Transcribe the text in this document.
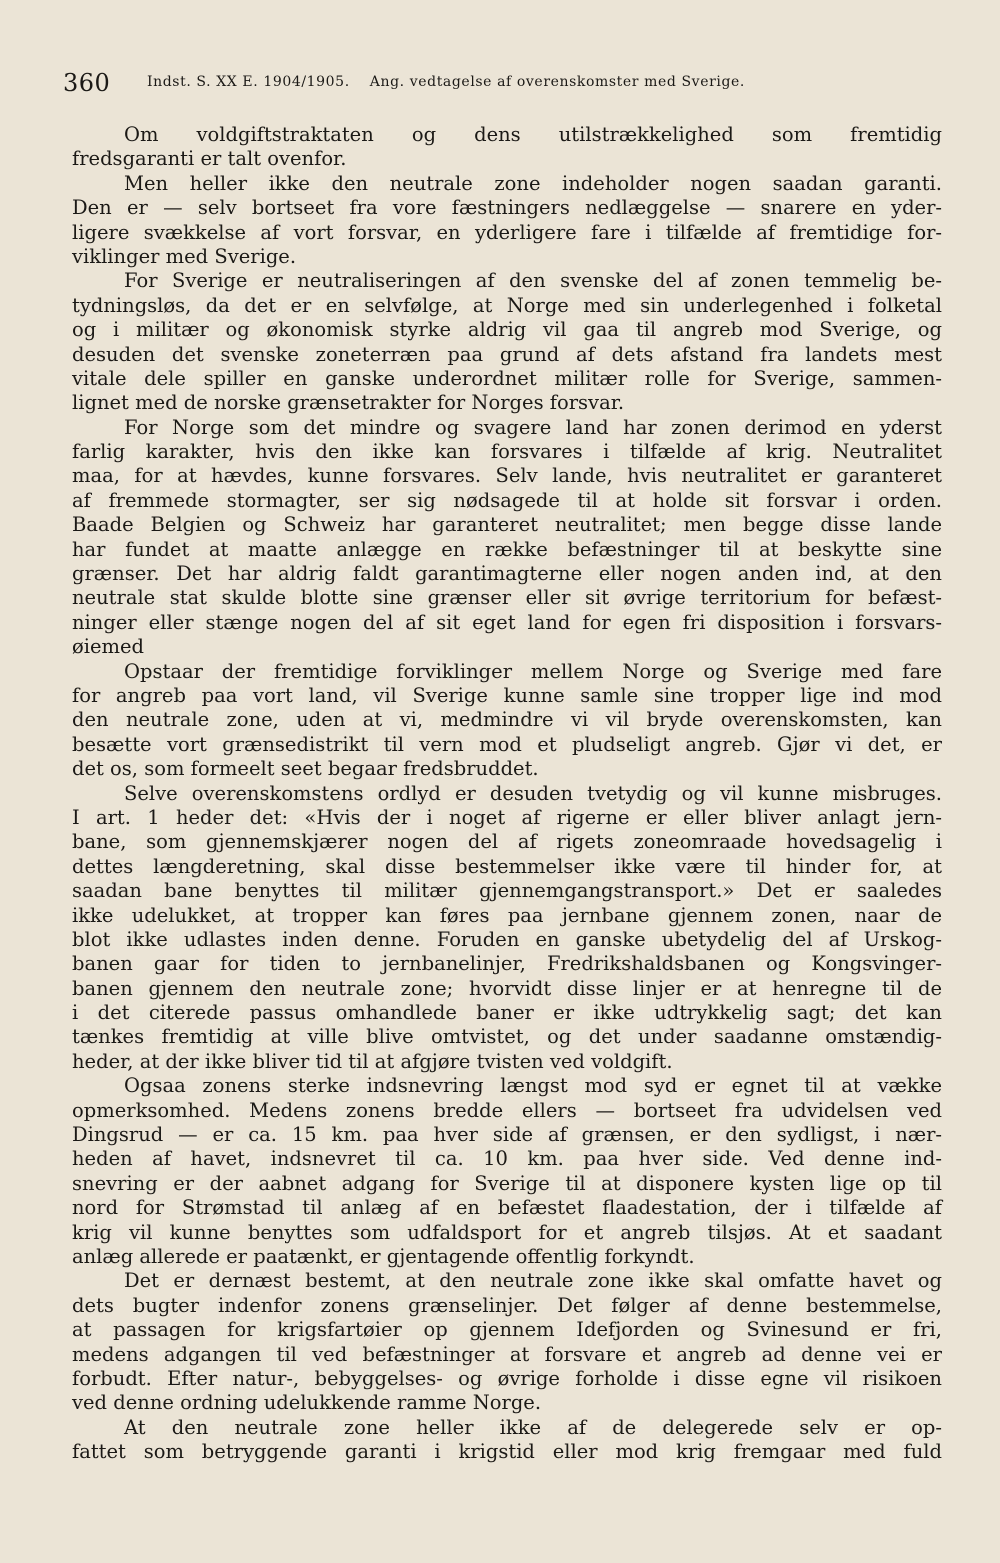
360	Indst. S. XX E. 1904/1905. Ang. vedtagelse af overenskomster med Sverige.
Om voldgiftstraktaten og dens utilstrækkelighed som fremtidig
fredsgaranti er talt ovenfor.
Men heller ikke den neutrale zone indeholder nogen saadan garanti.
Den er — selv bortseet fra vore fæstningers nedlæggelse — snarere en yder-
ligere svækkelse af vort forsvar, en yderligere fare i tilfælde af fremtidige for-
viklinger med Sverige.
For Sverige er neutraliseringen af den svenske del af zonen temmelig be-
tydningsløs, da det er en selvfølge, at Norge med sin underlegenhed i folketal
og i militær og økonomisk styrke aldrig vil gaa til angreb mod Sverige, og
desuden det svenske zoneterræn paa grund af dets afstand fra landets mest
vitale dele spiller en ganske underordnet militær rolle for Sverige, sammen-
lignet med de norske grænsetrakter for Norges forsvar.
For Norge som det mindre og svagere land har zonen derimod en yderst
farlig karakter, hvis den ikke kan forsvares i tilfælde af krig. Neutralitet
maa, for at hævdes, kunne forsvares. Selv lande, hvis neutralitet er garanteret
af fremmede stormagter, ser sig nødsagede til at holde sit forsvar i orden.
Baade Belgien og Schweiz har garanteret neutralitet; men begge disse lande
har fundet at maatte anlægge en række befæstninger til at beskytte sine
grænser. Det har aldrig faldt garantimagterne eller nogen anden ind, at den
neutrale stat skulde blotte sine grænser eller sit øvrige territorium for befæst-
ninger eller stænge nogen del af sit eget land for egen fri disposition i forsvars-
øiemed
Opstaar der fremtidige forviklinger mellem Norge og Sverige med fare
for angreb paa vort land, vil Sverige kunne samle sine tropper lige ind mod
den neutrale zone, uden at vi, medmindre vi vil bryde overenskomsten, kan
besætte vort grænsedistrikt til vern mod et pludseligt angreb. Gjør vi det, er
det os, som formeelt seet begaar fredsbruddet.
Selve overenskomstens ordlyd er desuden tvetydig og vil kunne misbruges.
I art. 1 heder det: «Hvis der i noget af rigerne er eller bliver anlagt jern-
bane, som gjennemskjærer nogen del af rigets zoneomraade hovedsagelig i
dettes længderetning, skal disse bestemmelser ikke være til hinder for, at
saadan bane benyttes til militær gjennemgangstransport.» Det er saaledes
ikke udelukket, at tropper kan føres paa jernbane gjennem zonen, naar de
blot ikke udlastes inden denne. Foruden en ganske ubetydelig del af Urskog-
banen gaar for tiden to jernbanelinjer, Fredrikshaldsbanen og Kongsvinger-
banen gjennem den neutrale zone; hvorvidt disse linjer er at henregne til de
i det citerede passus omhandlede baner er ikke udtrykkelig sagt; det kan
tænkes fremtidig at ville blive omtvistet, og det under saadanne omstændig-
heder, at der ikke bliver tid til at afgjøre tvisten ved voldgift.
Ogsaa zonens sterke indsnevring længst mod syd er egnet til at vække
opmerksomhed. Medens zonens bredde ellers — bortseet fra udvidelsen ved
Dingsrud — er ca. 15 km. paa hver side af grænsen, er den sydligst, i nær-
heden af havet, indsnevret til ca. 10 km. paa hver side. Ved denne ind-
snevring er der aabnet adgang for Sverige til at disponere kysten lige op til
nord for Strømstad til anlæg af en befæstet flaadestation, der i tilfælde af
krig vil kunne benyttes som udfaldsport for et angreb tilsjøs. At et saadant
anlæg allerede er paatænkt, er gjentagende offentlig forkyndt.
Det er dernæst bestemt, at den neutrale zone ikke skal omfatte havet og
dets bugter indenfor zonens grænselinjer. Det følger af denne bestemmelse,
at passagen for krigsfartøier op gjennem Idefjorden og Svinesund er fri,
medens adgangen til ved befæstninger at forsvare et angreb ad denne vei er
forbudt. Efter natur-, bebyggelses- og øvrige forholde i disse egne vil risikoen
ved denne ordning udelukkende ramme Norge.
At den neutrale zone heller ikke af de delegerede selv er op-
fattet som betryggende garanti i krigstid eller mod krig fremgaar med fuld
